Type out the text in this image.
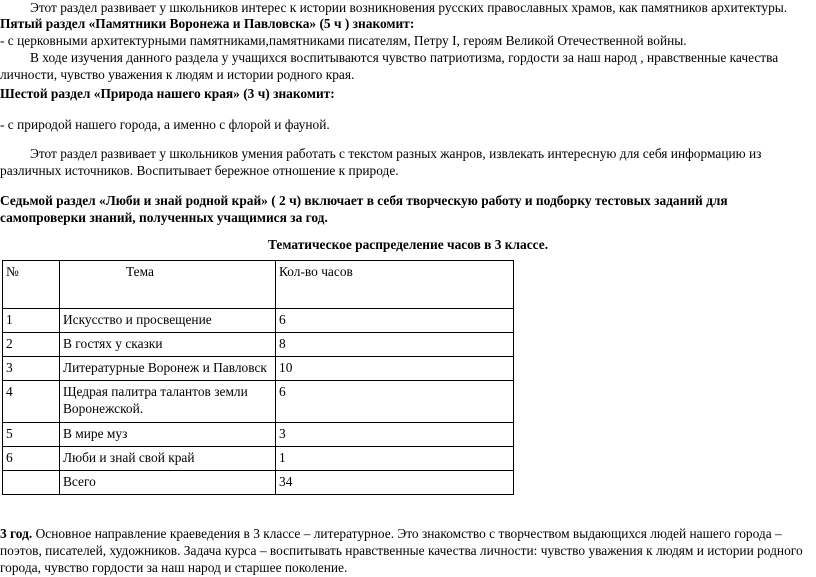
Этот раздел развивает у школьников интерес к истории возникновения русских православных храмов, как памятников архитектуры.
Пятый раздел «Памятники Воронежа и Павловска» (5 ч ) знакомит:
- с церковными архитектурными памятниками,памятниками писателям, Петру I, героям Великой Отечественной войны.
В ходе изучения данного раздела у учащихся воспитываются чувство патриотизма, гордости за наш народ , нравственные качества
личности, чувство уважения к людям и истории родного края.
Шестой раздел «Природа нашего края» (3 ч) знакомит:
- с природой нашего города, а именно с флорой и фауной.
Этот раздел развивает у школьников умения работать с текстом разных жанров, извлекать интересную для себя информацию из
различных источников. Воспитывает бережное отношение к природе.
Седьмой раздел «Люби и знай родной край» ( 2 ч) включает в себя творческую работу и подборку тестовых заданий для
самопроверки знаний, полученных учащимися за год.
Тематическое распределение часов в 3 классе.
№	Тема	Кол-во часов
1	Искусство и просвещение	6
2	В гостях у сказки	8
3	Литературные Воронеж и Павловск	10
4	Щедрая палитра талантов земли Воронежской.	6
5	В мире муз	3
6	Люби и знай свой край	1
	Всего	34
3 год. Основное направление краеведения в 3 классе – литературное. Это знакомство с творчеством выдающихся людей нашего города –
поэтов, писателей, художников. Задача курса – воспитывать нравственные качества личности: чувство уважения к людям и истории родного
города, чувство гордости за наш народ и старшее поколение.
